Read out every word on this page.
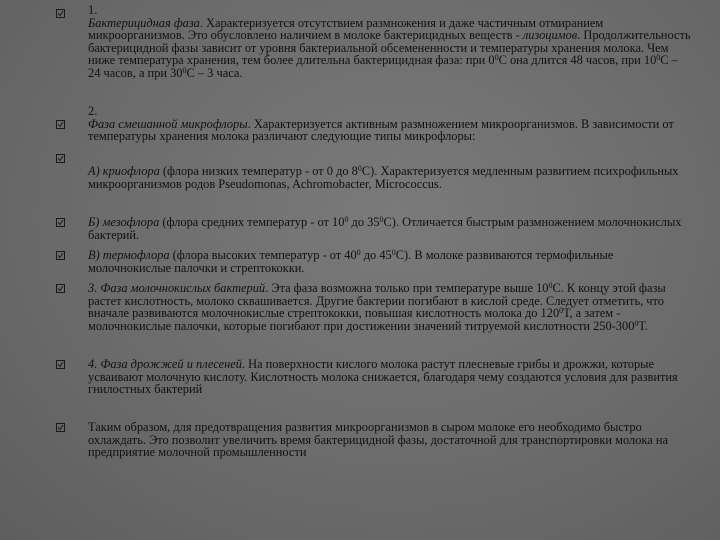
1.
Бактерицидная фаза. Характеризуется отсутствием размножения и даже частичным отмиранием микроорганизмов. Это обусловлено наличием в молоке бактерицидных веществ - лизоцимов. Продолжительность бактерицидной фазы зависит от уровня бактериальной обсемененности и температуры хранения молока. Чем ниже температура хранения, тем более длительна бактерицидная фаза: при $0^0С$ она длится 48 часов, при $10^0С - 24$ часов, а при $30^0С - 3$ часа.
2.
Фаза смешанной микрофлоры. Характеризуется активным размножением микроорганизмов. В зависимости от температуры хранения молока различают следующие типы микрофлоры:
А) криофлора (флора низких температур - от 0 до $8^0С$). Характеризуется медленным развитием психрофильных микроорганизмов родов Pseudomonas, Achromobacter, Micrococcus.
Б) мезофлора (флора средних температур - от $10^0$ до $35^0С$). Отличается быстрым размножением молочнокислых бактерий.
В) термофлора (флора высоких температур - от $40^0$ до $45^0С$). В молоке развиваются термофильные молочнокислые палочки и стрептококки.
3. Фаза молочнокислых бактерий. Эта фаза возможна только при температуре выше $10^0С$. К концу этой фазы растет кислотность, молоко сквашивается. Другие бактерии погибают в кислой среде. Следует отметить, что вначале развиваются молочнокислые стрептококки, повышая кислотность молока до $120^0Т$, а затем - молочнокислые палочки, которые погибают при достижении значений титруемой кислотности $250-300^0Т$.
4. Фаза дрожжей и плесеней. На поверхности кислого молока растут плесневые грибы и дрожжи, которые усваивают молочную кислоту. Кислотность молока снижается, благодаря чему создаются условия для развития гнилостных бактерий
Таким образом, для предотвращения развития микроорганизмов в сыром молоке его необходимо быстро охлаждать. Это позволит увеличить время бактерицидной фазы, достаточной для транспортировки молока на предприятие молочной промышленности
